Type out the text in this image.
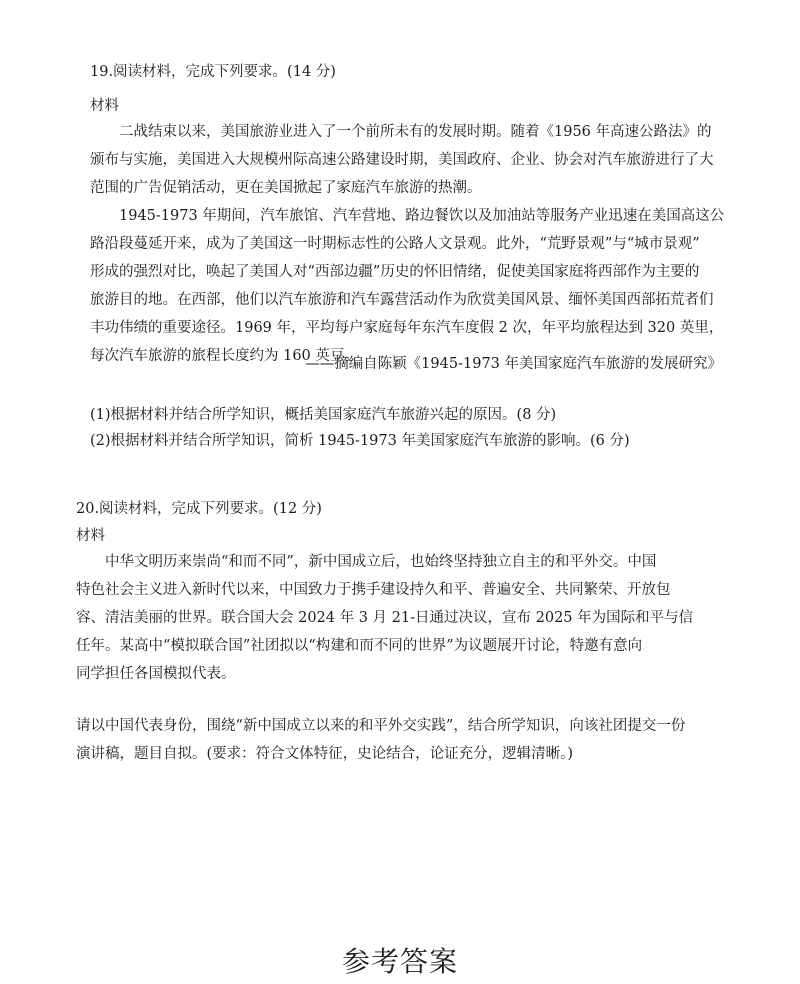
19.阅读材料，完成下列要求。(14 分)
材料
二战结束以来，美国旅游业进入了一个前所未有的发展时期。随着《1956 年高速公路法》的
颁布与实施，美国进入大规模州际高速公路建设时期，美国政府、企业、协会对汽车旅游进行了大
范围的广告促销活动，更在美国掀起了家庭汽车旅游的热潮。
1945-1973 年期间，汽车旅馆、汽车营地、路边餐饮以及加油站等服务产业迅速在美国高这公
路沿段蔓延开来，成为了美国这一时期标志性的公路人文景观。此外，“荒野景观”与“城市景观”
形成的强烈对比，唤起了美国人对“西部边疆”历史的怀旧情绪，促使美国家庭将西部作为主要的
旅游目的地。在西部，他们以汽车旅游和汽车露营活动作为欣赏美国风景、缅怀美国西部拓荒者们
丰功伟绩的重要途径。1969 年，平均每户家庭每年东汽车度假 2 次，年平均旅程达到 320 英里，
每次汽车旅游的旅程长度约为 160 英豆。
——摘编自陈颖《1945-1973 年美国家庭汽车旅游的发展研究》
(1)根据材料并结合所学知识，概括美国家庭汽车旅游兴起的原因。(8 分)
(2)根据材料并结合所学知识，简析 1945-1973 年美国家庭汽车旅游的影响。(6 分)
20.阅读材料，完成下列要求。(12 分)
材料
中华文明历来崇尚“和而不同”，新中国成立后，也始终坚持独立自主的和平外交。中国
特色社会主义进入新时代以来，中国致力于携手建设持久和平、普遍安全、共同繁荣、开放包
容、清洁美丽的世界。联合国大会 2024 年 3 月 21-日通过决议，宣布 2025 年为国际和平与信
任年。某高中“模拟联合国”社团拟以“构建和而不同的世界”为议题展开讨论，特邀有意向
同学担任各国模拟代表。
请以中国代表身份，围绕“新中国成立以来的和平外交实践”，结合所学知识，向该社团提交一份
演讲稿，题目自拟。(要求：符合文体特征，史论结合，论证充分，逻辑清晰。)
参考答案
